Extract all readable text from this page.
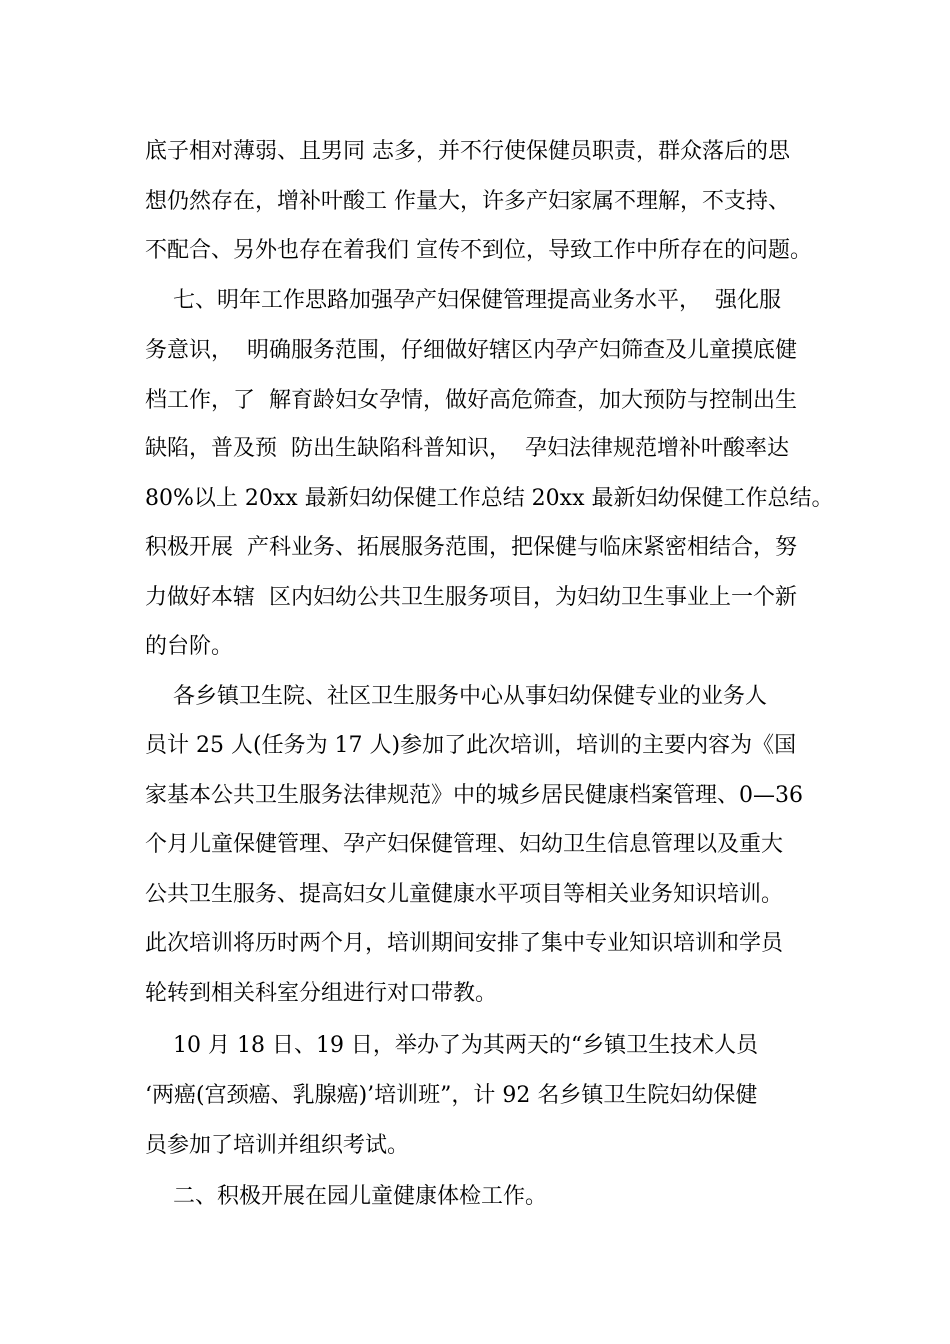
底子相对薄弱、且男同 志多，并不行使保健员职责，群众落后的思

想仍然存在，增补叶酸工 作量大，许多产妇家属不理解，不支持、

不配合、另外也存在着我们 宣传不到位，导致工作中所存在的问题。

七、明年工作思路加强孕产妇保健管理提高业务水平，  强化服

务意识，  明确服务范围，仔细做好辖区内孕产妇筛查及儿童摸底健

档工作，了  解育龄妇女孕情，做好高危筛查，加大预防与控制出生

缺陷，普及预  防出生缺陷科普知识，  孕妇法律规范增补叶酸率达

80%以上 20xx 最新妇幼保健工作总结 20xx 最新妇幼保健工作总结。

积极开展  产科业务、拓展服务范围，把保健与临床紧密相结合，努

力做好本辖  区内妇幼公共卫生服务项目，为妇幼卫生事业上一个新

的台阶。

各乡镇卫生院、社区卫生服务中心从事妇幼保健专业的业务人

员计 25 人(任务为 17 人)参加了此次培训，培训的主要内容为《国

家基本公共卫生服务法律规范》中的城乡居民健康档案管理、0—36

个月儿童保健管理、孕产妇保健管理、妇幼卫生信息管理以及重大

公共卫生服务、提高妇女儿童健康水平项目等相关业务知识培训。

此次培训将历时两个月，培训期间安排了集中专业知识培训和学员

轮转到相关科室分组进行对口带教。

10 月 18 日、19 日，举办了为其两天的“乡镇卫生技术人员

‘两癌(宫颈癌、乳腺癌)’培训班”，计 92 名乡镇卫生院妇幼保健

员参加了培训并组织考试。

二、积极开展在园儿童健康体检工作。
